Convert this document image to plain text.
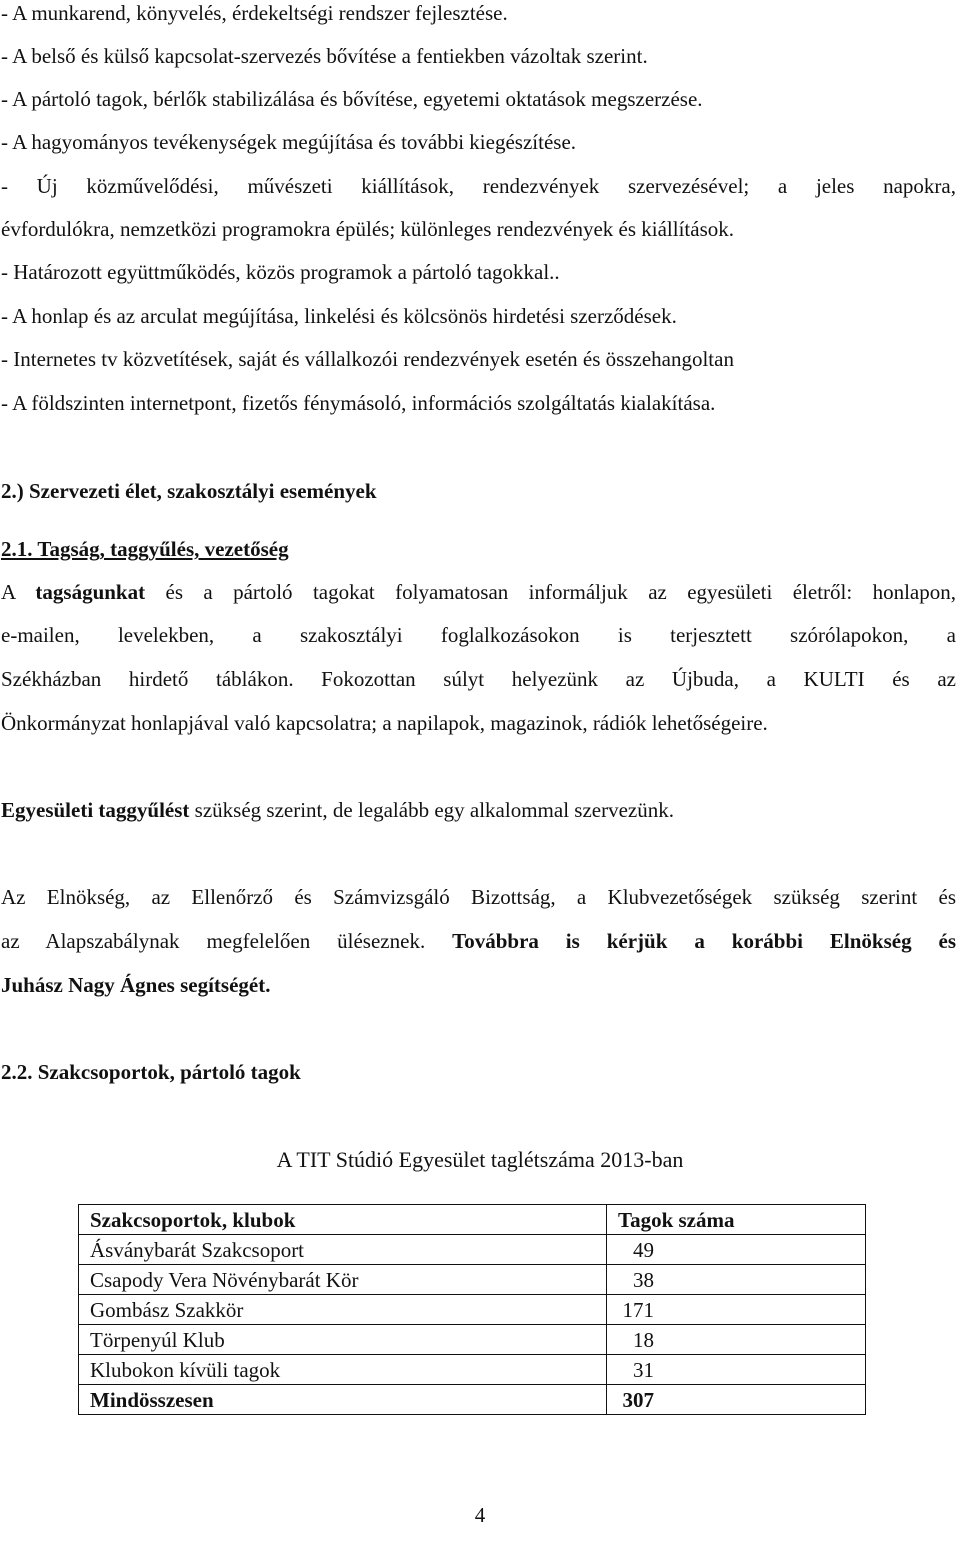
- A munkarend, könyvelés, érdekeltségi rendszer fejlesztése.
- A belső és külső kapcsolat-szervezés bővítése a fentiekben vázoltak szerint.
- A pártoló tagok, bérlők stabilizálása és bővítése, egyetemi oktatások megszerzése.
- A hagyományos tevékenységek megújítása és további kiegészítése.
- Új közművelődési, művészeti kiállítások, rendezvények szervezésével; a jeles napokra,
évfordulókra, nemzetközi programokra épülés; különleges rendezvények és kiállítások.
- Határozott együttműködés, közös programok a pártoló tagokkal..
- A honlap és az arculat megújítása, linkelési és kölcsönös hirdetési szerződések.
- Internetes tv közvetítések, saját és vállalkozói rendezvények esetén és összehangoltan
- A földszinten internetpont, fizetős fénymásoló, információs szolgáltatás kialakítása.
2.) Szervezeti élet, szakosztályi események
2.1. Tagság, taggyűlés, vezetőség
A tagságunkat és a pártoló tagokat folyamatosan informáljuk az egyesületi életről: honlapon,
e-mailen, levelekben, a szakosztályi foglalkozásokon is terjesztett szórólapokon, a
Székházban hirdető táblákon. Fokozottan súlyt helyezünk az Újbuda, a KULTI és az
Önkormányzat honlapjával való kapcsolatra; a napilapok, magazinok, rádiók lehetőségeire.
Egyesületi taggyűlést szükség szerint, de legalább egy alkalommal szervezünk.
Az Elnökség, az Ellenőrző és Számvizsgáló Bizottság, a Klubvezetőségek szükség szerint és
az Alapszabálynak megfelelően üléseznek. Továbbra is kérjük a korábbi Elnökség és
Juhász Nagy Ágnes segítségét.
2.2. Szakcsoportok, pártoló tagok
A TIT Stúdió Egyesület taglétszáma 2013-ban
Szakcsoportok, klubok	Tagok száma
Ásványbarát Szakcsoport	49
Csapody Vera Növénybarát Kör	38
Gombász Szakkör	171
Törpenyúl Klub	18
Klubokon kívüli tagok	31
Mindösszesen	307
4
